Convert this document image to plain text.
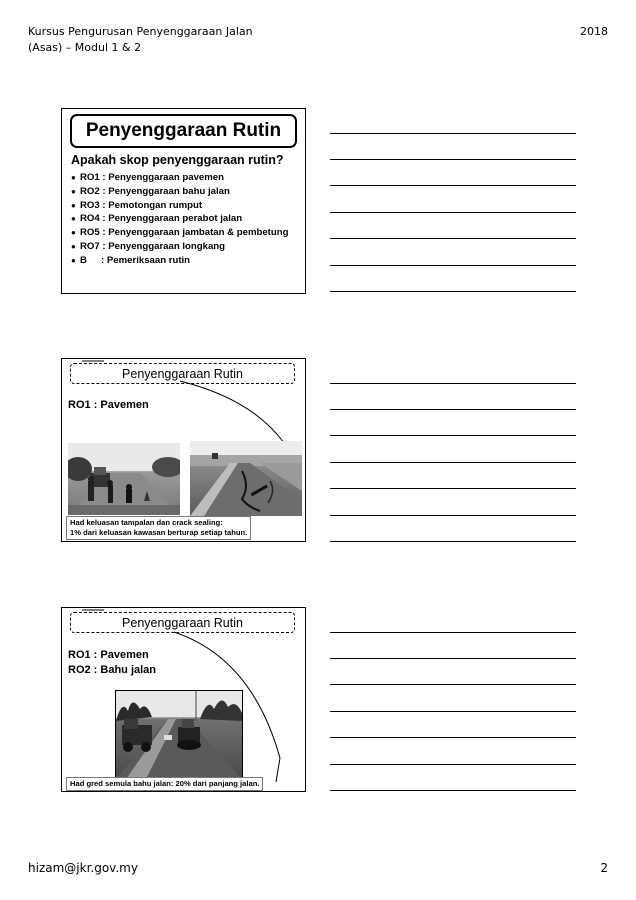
Kursus Pengurusan Penyenggaraan Jalan
(Asas) – Modul 1 & 2
2018
Penyenggaraan Rutin
Apakah skop penyenggaraan rutin?
● RO1 : Penyenggaraan pavemen
● RO2 : Penyenggaraan bahu jalan
● RO3 : Pemotongan rumput
● RO4 : Penyenggaraan perabot jalan
● RO5 : Penyenggaraan jambatan & pembetung
● RO7 : Penyenggaraan longkang
● B : Pemeriksaan rutin
Penyenggaraan Rutin
RO1 : Pavemen
Had keluasan tampalan dan crack sealing:
1% dari keluasan kawasan berturap setiap tahun.
Penyenggaraan Rutin
RO1 : Pavemen
RO2 : Bahu jalan
Had gred semula bahu jalan: 20% dari panjang jalan.
hizam@jkr.gov.my	2
